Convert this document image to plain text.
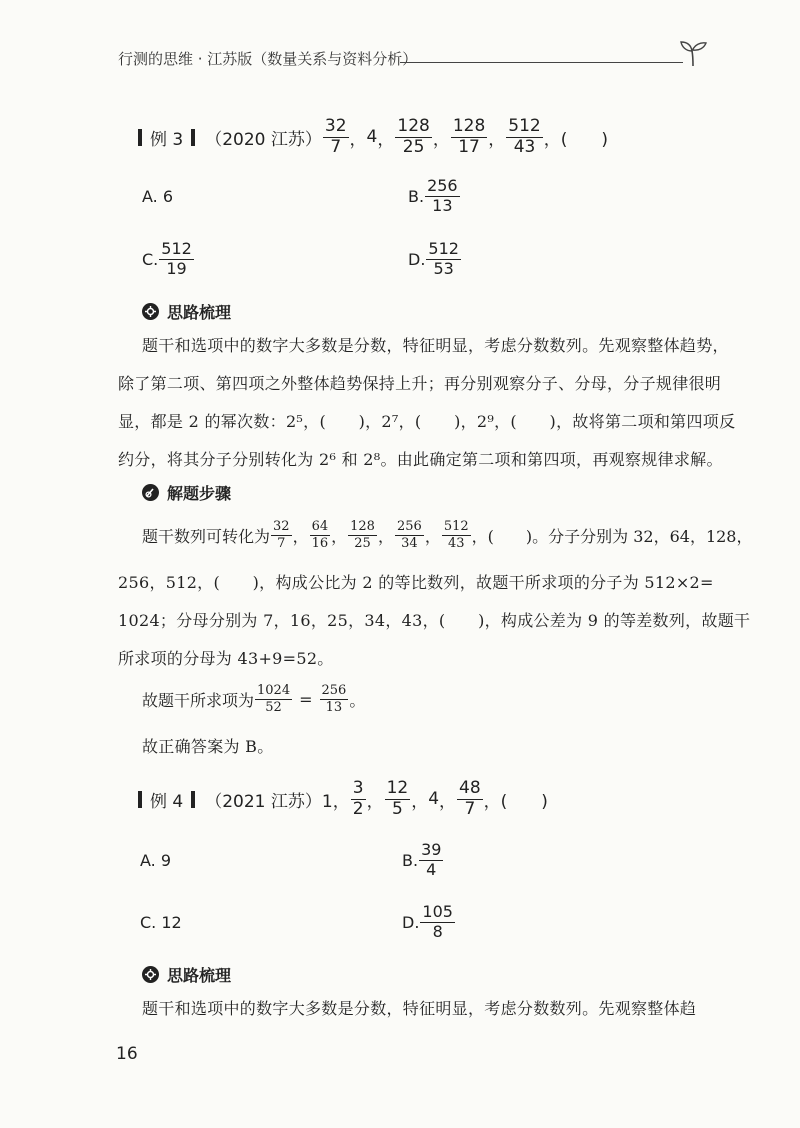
行测的思维 · 江苏版（数量关系与资料分析）
例 3 （2020 江苏） $\frac{32}{7}$ ， 4 ， $\frac{128}{25}$ ， $\frac{128}{17}$ ， $\frac{512}{43}$ ，(　　)
A. 6	B. $\frac{256}{13}$
C. $\frac{512}{19}$	D. $\frac{512}{53}$
思路梳理
题干和选项中的数字大多数是分数，特征明显，考虑分数数列。先观察整体趋势，
除了第二项、第四项之外整体趋势保持上升；再分别观察分子、分母，分子规律很明
显，都是 2 的幂次数：2⁵，(　　)，2⁷，(　　)，2⁹，(　　)，故将第二项和第四项反
约分，将其分子分别转化为 2⁶ 和 2⁸。由此确定第二项和第四项，再观察规律求解。
解题步骤
题干数列可转化为 $\frac{32}{7}$ ， $\frac{64}{16}$ ， $\frac{128}{25}$ ， $\frac{256}{34}$ ， $\frac{512}{43}$ ，(　　)。分子分别为 32，64，128，
256，512，(　　)，构成公比为 2 的等比数列，故题干所求项的分子为 512×2=
1024；分母分别为 7，16，25，34，43，(　　)，构成公差为 9 的等差数列，故题干
所求项的分母为 43+9=52。
故题干所求项为 $\frac{1024}{52} = \frac{256}{13}$ 。
故正确答案为 B。
例 4 （2021 江苏） 1， $\frac{3}{2}$ ， $\frac{12}{5}$ ， 4 ， $\frac{48}{7}$ ，(　　)
A. 9	B. $\frac{39}{4}$
C. 12	D. $\frac{105}{8}$
思路梳理
题干和选项中的数字大多数是分数，特征明显，考虑分数数列。先观察整体趋
16
